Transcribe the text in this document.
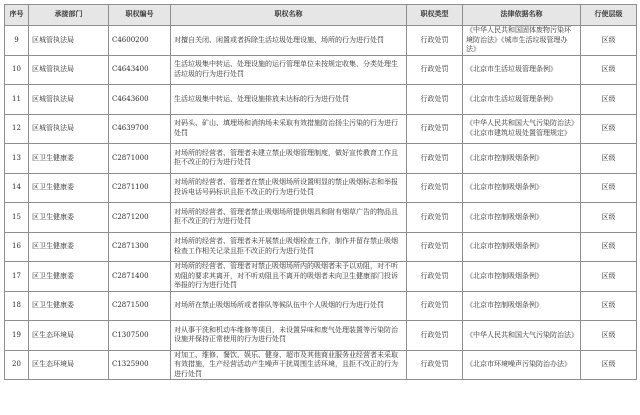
序号	承接部门	职权编号	职权名称	职权类型	法律依据名称	行使层级
9	区城管执法局	C4600200	对擅自关闭、闲置或者拆除生活垃圾处理设施、场所的行为进行处罚	行政处罚	《中华人民共和国固体废物污染环境防治法》《城市生活垃圾管理办法》	区级
10	区城管执法局	C4643400	生活垃圾集中转运、处理设施的运行管理单位未按规定收集、分类处理生活垃圾的行为进行处罚	行政处罚	《北京市生活垃圾管理条例》	区级
11	区城管执法局	C4643600	生活垃圾集中转运、处理设施排放未达标的行为进行处罚	行政处罚	《北京市生活垃圾管理条例》	区级
12	区城管执法局	C4639700	对码头、矿山、填埋场和消纳场未采取有效措施防治扬尘污染的行为进行处罚	行政处罚	《中华人民共和国大气污染防治法》《北京市建筑垃圾处置管理规定》	区级
13	区卫生健康委	C2871000	对场所的经营者、管理者未建立禁止吸烟管理制度，做好宣传教育工作且拒不改正的行为进行处罚	行政处罚	《北京市控制吸烟条例》	区级
14	区卫生健康委	C2871100	对场所的经营者、管理者在禁止吸烟场所设置明显的禁止吸烟标志和举报投诉电话号码标识且拒不改正的行为进行处罚	行政处罚	《北京市控制吸烟条例》	区级
15	区卫生健康委	C2871200	对场所的经营者、管理者禁止吸烟场所提供烟具和附有烟草广告的物品且拒不改正的行为进行处罚	行政处罚	《北京市控制吸烟条例》	区级
16	区卫生健康委	C2871300	对场所的经营者、管理者未开展禁止吸烟检查工作，制作并留存禁止吸烟检查工作相关记录且拒不改正的行为进行处罚	行政处罚	《北京市控制吸烟条例》	区级
17	区卫生健康委	C2871400	对场所的经营者、管理者对禁止吸烟场所内的吸烟者未予以劝阻，对不听劝阻的要求其离开，对不听劝阻且不离开的吸烟者未向卫生健康部门投诉举报的行为进行处罚	行政处罚	《北京市控制吸烟条例》	区级
18	区卫生健康委	C2871500	对场所在禁止吸烟场所或者排队等候队伍中个人吸烟的行为进行处罚	行政处罚	《北京市控制吸烟条例》	区级
19	区生态环境局	C1307500	对从事干洗和机动车维修等项目，未设置异味和废气处理装置等污染防治设施并保持正常使用的行为进行处罚	行政处罚	《中华人民共和国大气污染防治法》	区级
20	区生态环境局	C1325900	对加工、维修、餐饮、娱乐、健身、超市及其他商业服务业经营者未采取有效措施，生产经营活动产生噪声干扰周围生活环境，且拒不改正的行为进行处罚	行政处罚	《北京市环境噪声污染防治办法》	区级
